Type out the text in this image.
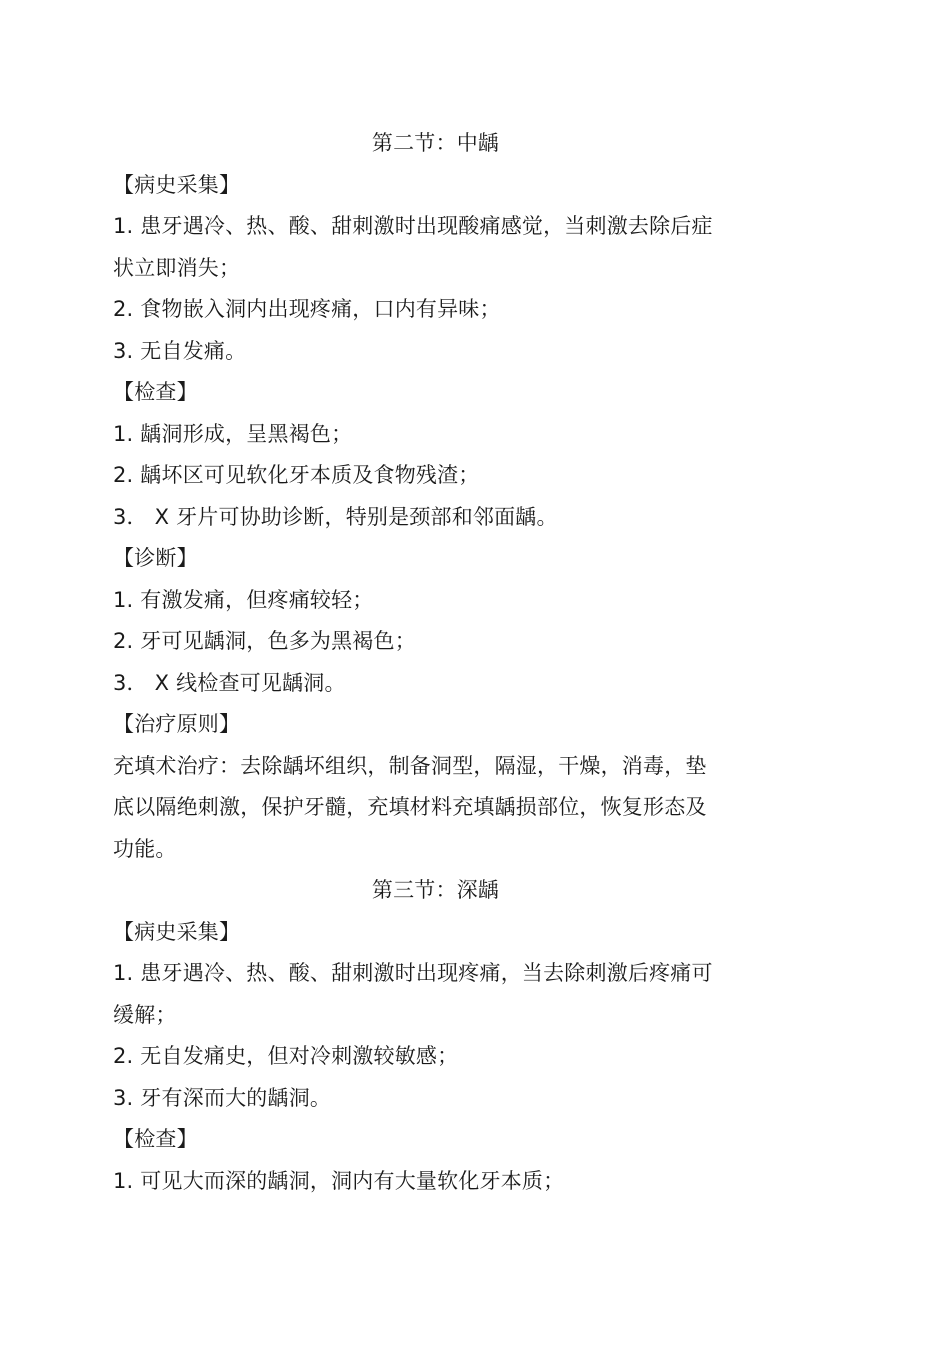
第二节：中龋
【病史采集】
1. 患牙遇冷、热、酸、甜刺激时出现酸痛感觉，当刺激去除后症
状立即消失；
2. 食物嵌入洞内出现疼痛，口内有异味；
3. 无自发痛。
【检查】
1. 龋洞形成，呈黑褐色；
2. 龋坏区可见软化牙本质及食物残渣；
3． X 牙片可协助诊断，特别是颈部和邻面龋。
【诊断】
1. 有激发痛，但疼痛较轻；
2. 牙可见龋洞，色多为黑褐色；
3． X 线检查可见龋洞。
【治疗原则】
充填术治疗：去除龋坏组织，制备洞型，隔湿，干燥，消毒，垫
底以隔绝刺激，保护牙髓，充填材料充填龋损部位，恢复形态及
功能。
第三节：深龋
【病史采集】
1. 患牙遇冷、热、酸、甜刺激时出现疼痛，当去除刺激后疼痛可
缓解；
2. 无自发痛史，但对冷刺激较敏感；
3. 牙有深而大的龋洞。
【检查】
1. 可见大而深的龋洞，洞内有大量软化牙本质；
